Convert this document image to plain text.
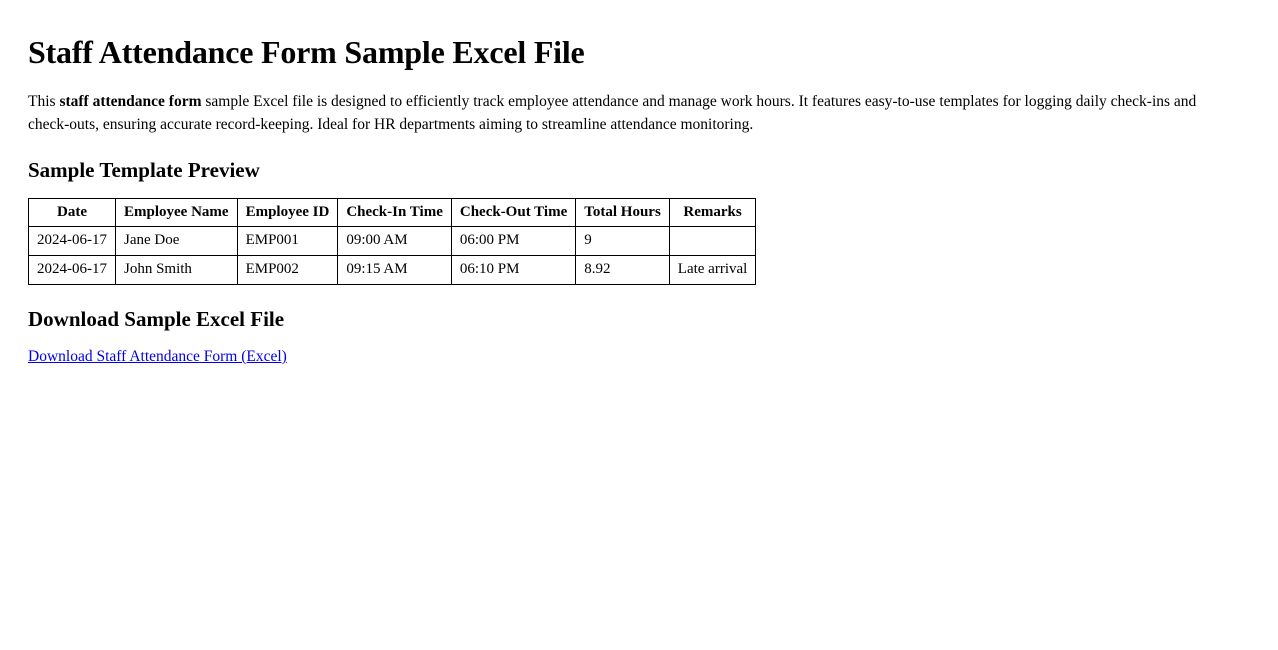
Staff Attendance Form Sample Excel File

This staff attendance form sample Excel file is designed to efficiently track employee attendance and manage work hours. It features easy-to-use templates for logging daily check-ins and check-outs, ensuring accurate record-keeping. Ideal for HR departments aiming to streamline attendance monitoring.

Sample Template Preview
Date	Employee Name	Employee ID	Check-In Time	Check-Out Time	Total Hours	Remarks
2024-06-17	Jane Doe	EMP001	09:00 AM	06:00 PM	9	
2024-06-17	John Smith	EMP002	09:15 AM	06:10 PM	8.92	Late arrival
Download Sample Excel File
Download Staff Attendance Form (Excel)
